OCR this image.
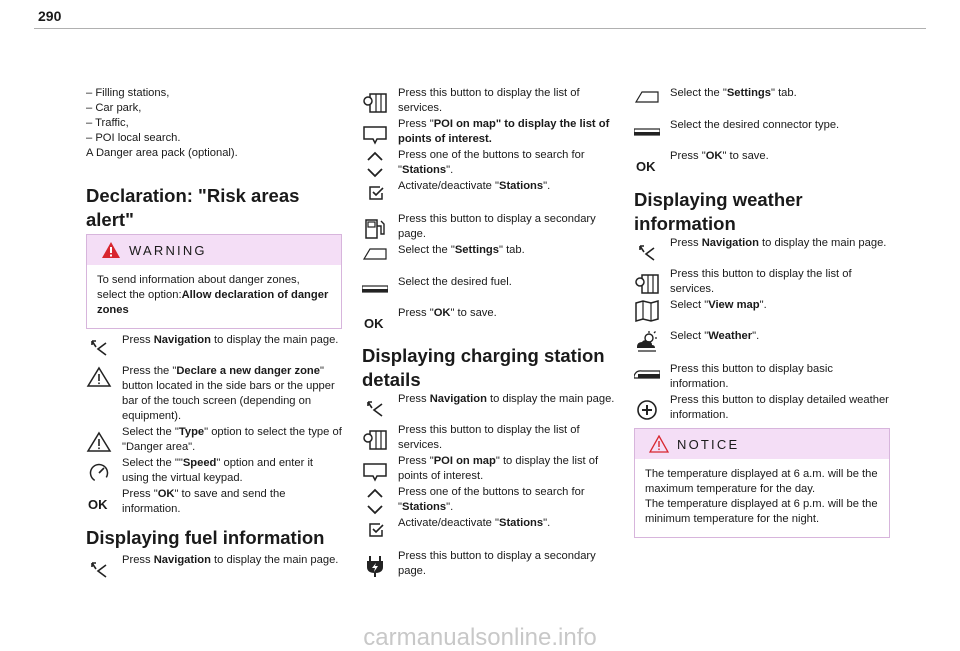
290
– Filling stations,
– Car park,
– Traffic,
– POI local search.
A Danger area pack (optional).
Declaration: "Risk areas alert"
WARNING
To send information about danger zones, select the option:Allow declaration of danger zones
Press Navigation to display the main page.
Press the "Declare a new danger zone" button located in the side bars or the upper bar of the touch screen (depending on equipment).
Select the "Type" option to select the type of "Danger area".
Select the ""Speed" option and enter it using the virtual keypad.
OK
Press "OK" to save and send the information.
Displaying fuel information
Press Navigation to display the main page.
Press this button to display the list of services.
Press "POI on map" to display the list of points of interest.
Press one of the buttons to search for "Stations".
Activate/deactivate "Stations".
Press this button to display a secondary page.
Select the "Settings" tab.
Select the desired fuel.
OK
Press "OK" to save.
Displaying charging station details
Press Navigation to display the main page.
Press this button to display the list of services.
Press "POI on map" to display the list of points of interest.
Press one of the buttons to search for "Stations".
Activate/deactivate "Stations".
Press this button to display a secondary page.
Select the "Settings" tab.
Select the desired connector type.
OK
Press "OK" to save.
Displaying weather information
Press Navigation to display the main page.
Press this button to display the list of services.
Select "View map".
Select "Weather".
Press this button to display basic information.
Press this button to display detailed weather information.
NOTICE
The temperature displayed at 6 a.m. will be the maximum temperature for the day.
The temperature displayed at 6 p.m. will be the minimum temperature for the night.
carmanualsonline.info
